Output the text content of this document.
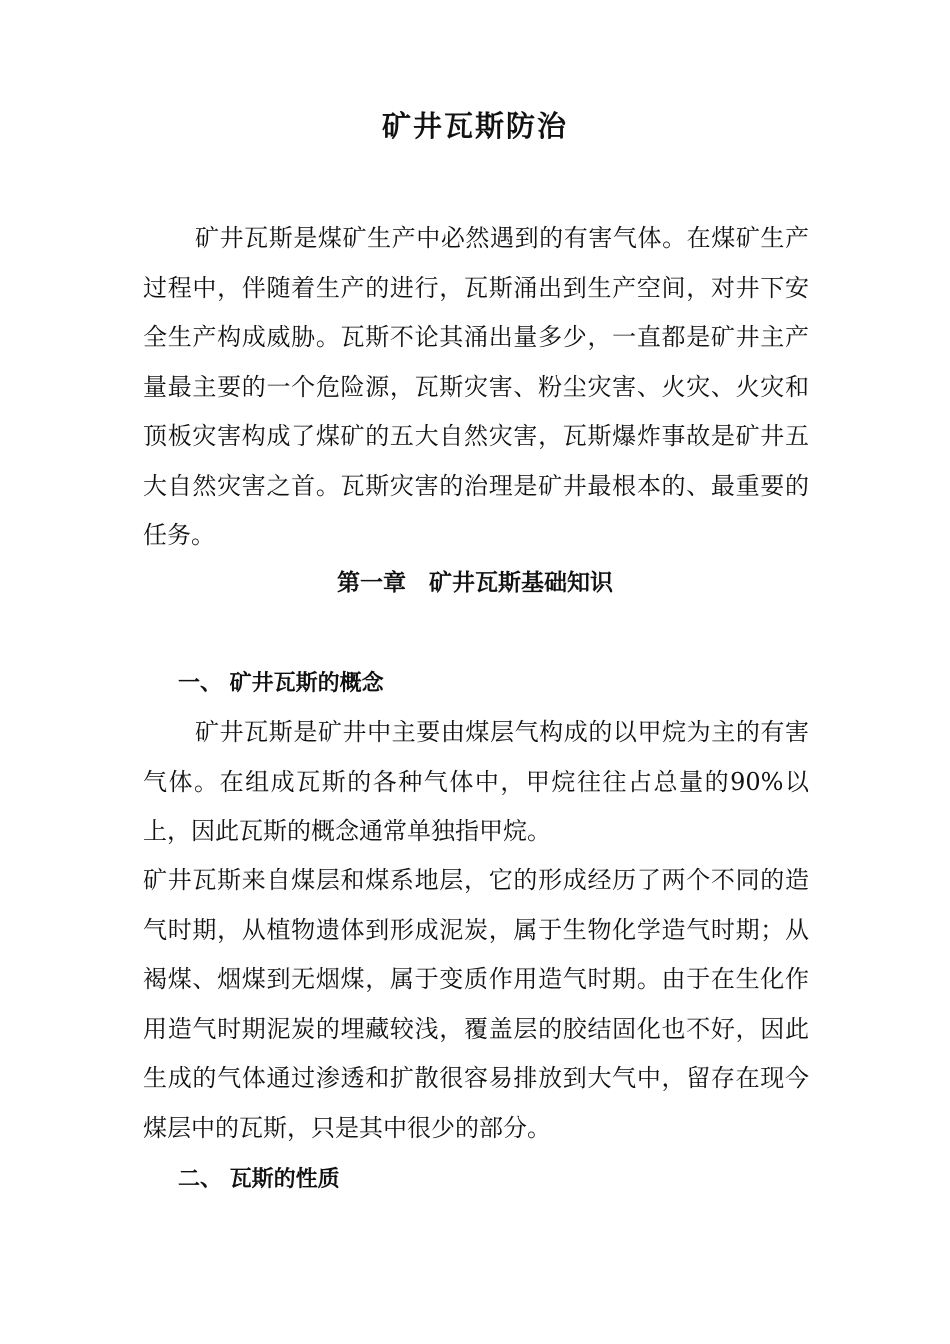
矿井瓦斯防治

矿井瓦斯是煤矿生产中必然遇到的有害气体。在煤矿生产过程中，伴随着生产的进行，瓦斯涌出到生产空间，对井下安全生产构成威胁。瓦斯不论其涌出量多少，一直都是矿井主产量最主要的一个危险源，瓦斯灾害、粉尘灾害、火灾、火灾和顶板灾害构成了煤矿的五大自然灾害，瓦斯爆炸事故是矿井五大自然灾害之首。瓦斯灾害的治理是矿井最根本的、最重要的任务。

第一章　矿井瓦斯基础知识
一、 矿井瓦斯的概念

矿井瓦斯是矿井中主要由煤层气构成的以甲烷为主的有害气体。在组成瓦斯的各种气体中，甲烷往往占总量的90%以上，因此瓦斯的概念通常单独指甲烷。

矿井瓦斯来自煤层和煤系地层，它的形成经历了两个不同的造气时期，从植物遗体到形成泥炭，属于生物化学造气时期；从褐煤、烟煤到无烟煤，属于变质作用造气时期。由于在生化作用造气时期泥炭的埋藏较浅，覆盖层的胶结固化也不好，因此生成的气体通过渗透和扩散很容易排放到大气中，留存在现今煤层中的瓦斯，只是其中很少的部分。

二、 瓦斯的性质
